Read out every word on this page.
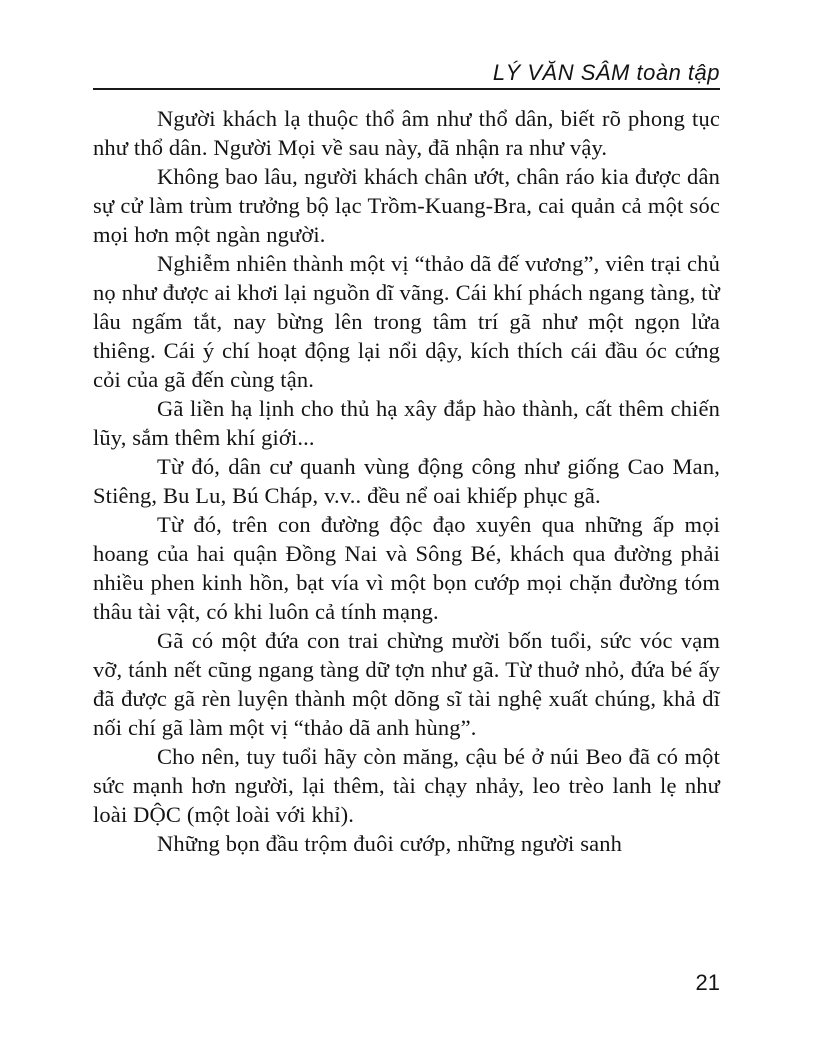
LÝ VĂN SÂM toàn tập

Người khách lạ thuộc thổ âm như thổ dân, biết rõ phong tục như thổ dân. Người Mọi về sau này, đã nhận ra như vậy.

Không bao lâu, người khách chân ướt, chân ráo kia được dân sự cử làm trùm trưởng bộ lạc Trồm-Kuang-Bra, cai quản cả một sóc mọi hơn một ngàn người.

Nghiễm nhiên thành một vị “thảo dã đế vương”, viên trại chủ nọ như được ai khơi lại nguồn dĩ vãng. Cái khí phách ngang tàng, từ lâu ngấm tắt, nay bừng lên trong tâm trí gã như một ngọn lửa thiêng. Cái ý chí hoạt động lại nổi dậy, kích thích cái đầu óc cứng cỏi của gã đến cùng tận.

Gã liền hạ lịnh cho thủ hạ xây đắp hào thành, cất thêm chiến lũy, sắm thêm khí giới...

Từ đó, dân cư quanh vùng động công như giống Cao Man, Stiêng, Bu Lu, Bú Cháp, v.v.. đều nể oai khiếp phục gã.

Từ đó, trên con đường độc đạo xuyên qua những ấp mọi hoang của hai quận Đồng Nai và Sông Bé, khách qua đường phải nhiều phen kinh hồn, bạt vía vì một bọn cướp mọi chặn đường tóm thâu tài vật, có khi luôn cả tính mạng.

Gã có một đứa con trai chừng mười bốn tuổi, sức vóc vạm vỡ, tánh nết cũng ngang tàng dữ tợn như gã. Từ thuở nhỏ, đứa bé ấy đã được gã rèn luyện thành một dõng sĩ tài nghệ xuất chúng, khả dĩ nối chí gã làm một vị “thảo dã anh hùng”.

Cho nên, tuy tuổi hãy còn măng, cậu bé ở núi Beo đã có một sức mạnh hơn người, lại thêm, tài chạy nhảy, leo trèo lanh lẹ như loài DỘC (một loài với khỉ).

Những bọn đầu trộm đuôi cướp, những người sanh

21
